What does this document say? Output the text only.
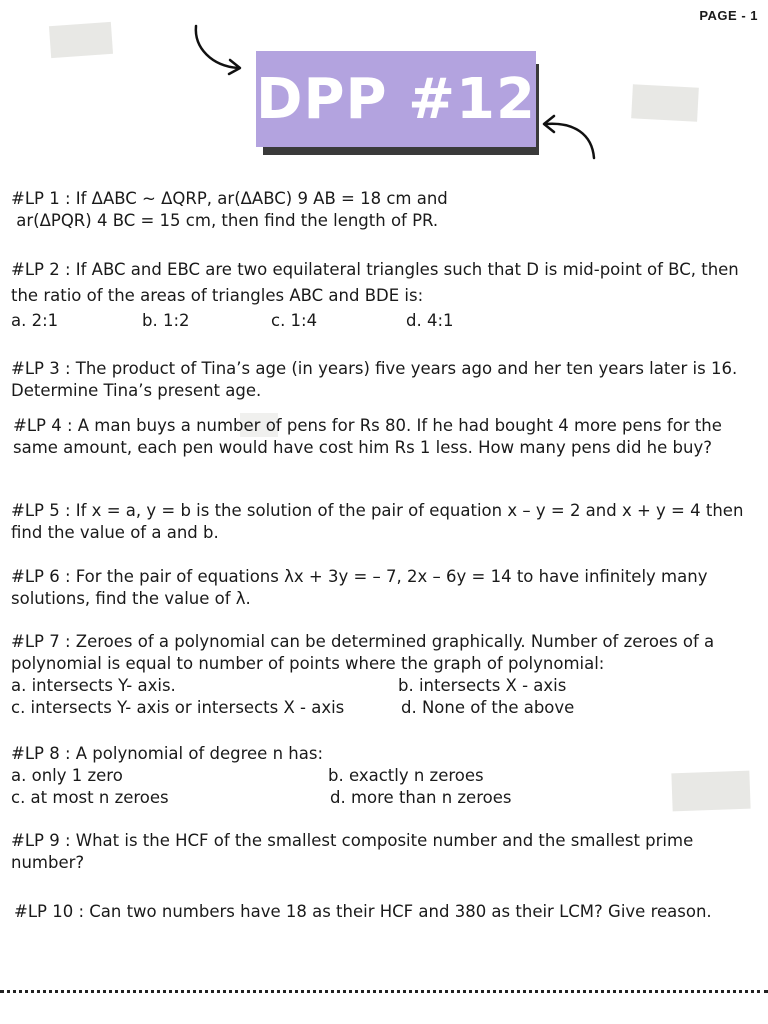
PAGE - 1
DPP #12
#LP 1 : If ΔABC ~ ΔQRP, ar(ΔABC) 9 AB = 18 cm and
ar(ΔPQR) 4 BC = 15 cm, then find the length of PR.

#LP 2 : If ABC and EBC are two equilateral triangles such that D is mid-point of BC, then the ratio of the areas of triangles ABC and BDE is:

a. 2:1	b. 1:2	c. 1:4	d. 4:1

#LP 3 : The product of Tina’s age (in years) five years ago and her ten years later is 16. Determine Tina’s present age.

#LP 4 : A man buys a number of pens for Rs 80. If he had bought 4 more pens for the same amount, each pen would have cost him Rs 1 less. How many pens did he buy?

#LP 5 : If x = a, y = b is the solution of the pair of equation x – y = 2 and x + y = 4 then find the value of a and b.

#LP 6 : For the pair of equations λx + 3y = – 7, 2x – 6y = 14 to have infinitely many solutions, find the value of λ.

#LP 7 : Zeroes of a polynomial can be determined graphically. Number of zeroes of a polynomial is equal to number of points where the graph of polynomial:

a. intersects Y- axis.	b. intersects X - axis
c. intersects Y- axis or intersects X - axis	d. None of the above

#LP 8 : A polynomial of degree n has:

a. only 1 zero	b. exactly n zeroes
c. at most n zeroes	d. more than n zeroes

#LP 9 : What is the HCF of the smallest composite number and the smallest prime number?

#LP 10 : Can two numbers have 18 as their HCF and 380 as their LCM? Give reason.
